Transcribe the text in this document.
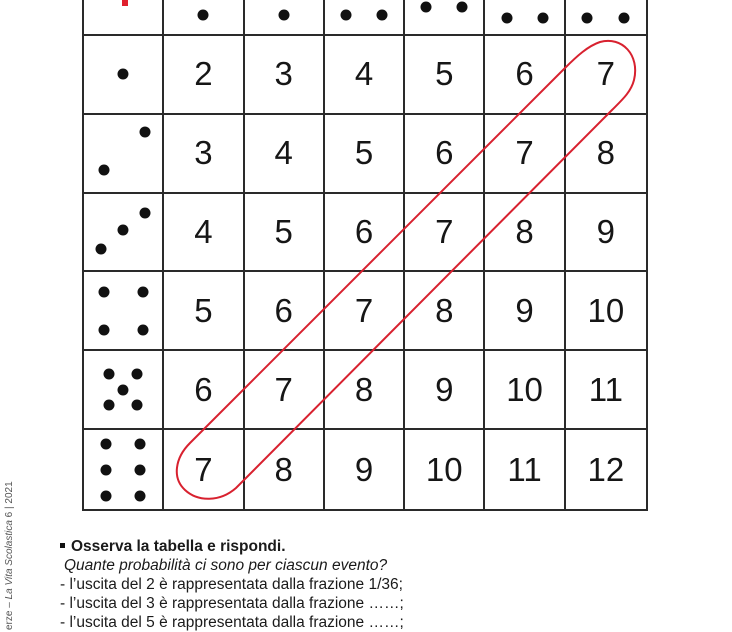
2	3	4	5	6	7
3	4	5	6	7	8
4	5	6	7	8	9
5	6	7	8	9	10
6	7	8	9	10	11
7	8	9	10	11	12
erze – La Vita Scolastica 6 | 2021
Osserva la tabella e rispondi.
Quante probabilità ci sono per ciascun evento?
- l’uscita del 2 è rappresentata dalla frazione 1/36;
- l’uscita del 3 è rappresentata dalla frazione ……;
- l’uscita del 5 è rappresentata dalla frazione ……;
